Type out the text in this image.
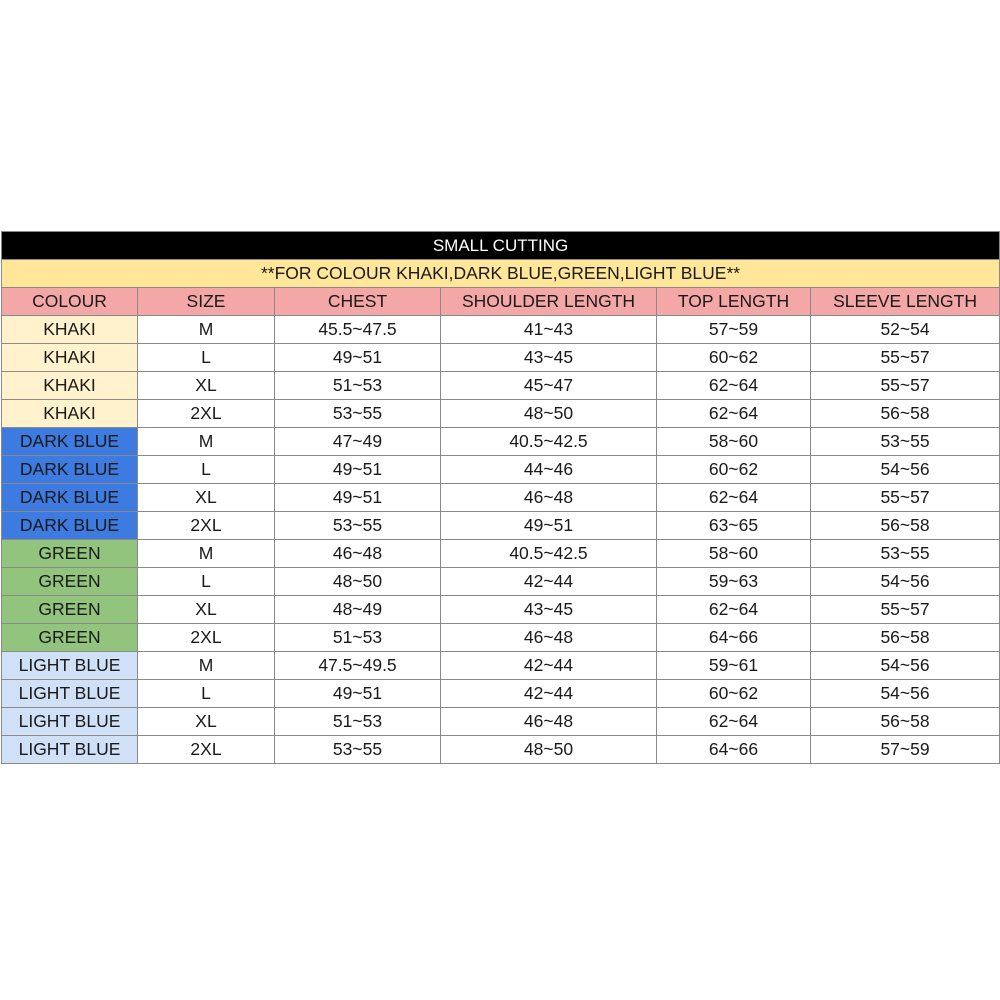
SMALL CUTTING					
**FOR COLOUR KHAKI,DARK BLUE,GREEN,LIGHT BLUE**					
COLOUR	SIZE	CHEST	SHOULDER LENGTH	TOP LENGTH	SLEEVE LENGTH
KHAKI	M	45.5~47.5	41~43	57~59	52~54
KHAKI	L	49~51	43~45	60~62	55~57
KHAKI	XL	51~53	45~47	62~64	55~57
KHAKI	2XL	53~55	48~50	62~64	56~58
DARK BLUE	M	47~49	40.5~42.5	58~60	53~55
DARK BLUE	L	49~51	44~46	60~62	54~56
DARK BLUE	XL	49~51	46~48	62~64	55~57
DARK BLUE	2XL	53~55	49~51	63~65	56~58
GREEN	M	46~48	40.5~42.5	58~60	53~55
GREEN	L	48~50	42~44	59~63	54~56
GREEN	XL	48~49	43~45	62~64	55~57
GREEN	2XL	51~53	46~48	64~66	56~58
LIGHT BLUE	M	47.5~49.5	42~44	59~61	54~56
LIGHT BLUE	L	49~51	42~44	60~62	54~56
LIGHT BLUE	XL	51~53	46~48	62~64	56~58
LIGHT BLUE	2XL	53~55	48~50	64~66	57~59
